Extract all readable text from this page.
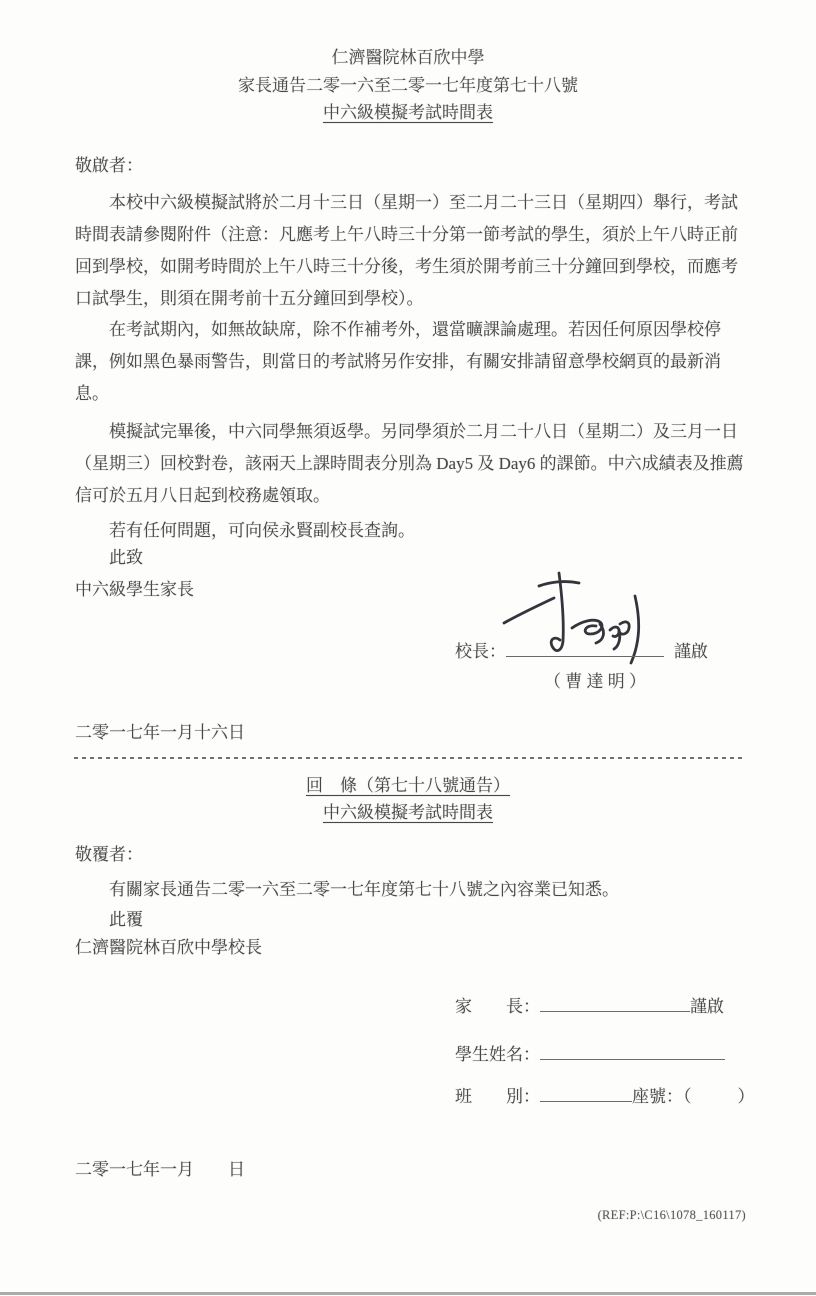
仁濟醫院林百欣中學
家長通告二零一六至二零一七年度第七十八號
中六級模擬考試時間表
敬啟者：
本校中六級模擬試將於二月十三日（星期一）至二月二十三日（星期四）舉行，考試
時間表請參閱附件（注意：凡應考上午八時三十分第一節考試的學生，須於上午八時正前
回到學校，如開考時間於上午八時三十分後，考生須於開考前三十分鐘回到學校，而應考
口試學生，則須在開考前十五分鐘回到學校）。
在考試期內，如無故缺席，除不作補考外，還當曠課論處理。若因任何原因學校停
課，例如黑色暴雨警告，則當日的考試將另作安排，有關安排請留意學校網頁的最新消
息。
模擬試完畢後，中六同學無須返學。另同學須於二月二十八日（星期二）及三月一日
（星期三）回校對卷，該兩天上課時間表分別為 Day5 及 Day6 的課節。中六成績表及推薦
信可於五月八日起到校務處領取。
若有任何問題，可向侯永賢副校長查詢。
此致
中六級學生家長
校長：	謹啟
（ 曹 達 明 ）
二零一七年一月十六日
回　條（第七十八號通告）
中六級模擬考試時間表
敬覆者：
有關家長通告二零一六至二零一七年度第七十八號之內容業已知悉。
此覆
仁濟醫院林百欣中學校長
家　　長：	謹啟
學生姓名：
班　　別：	座號：（	）
二零一七年一月　　日
(REF:P:\C16\1078_160117)
